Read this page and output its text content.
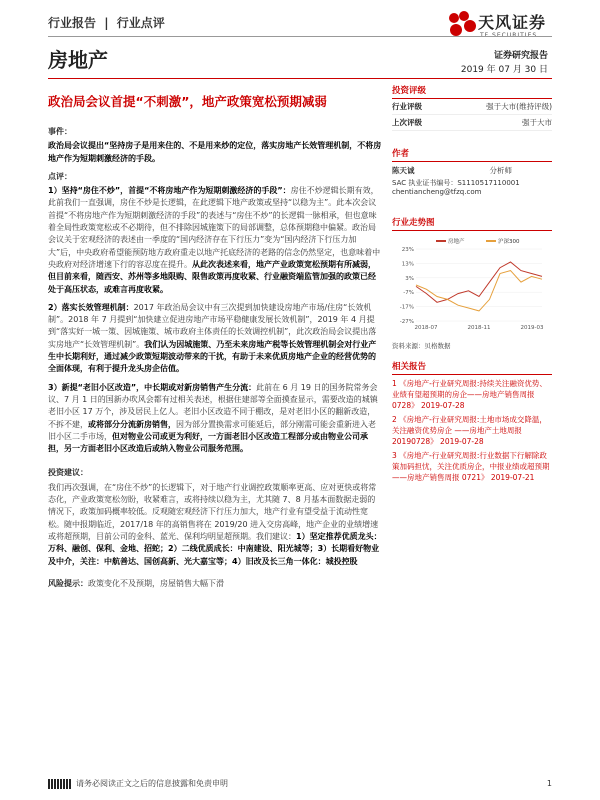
行业报告 | 行业点评	天风证券
TF SECURITIES
房地产	证券研究报告
2019 年 07 月 30 日
政治局会议首提“不刺激”，地产政策宽松预期减弱

事件：

政治局会议提出“坚持房子是用来住的、不是用来炒的定位，落实房地产长效管理机制，不将房地产作为短期刺激经济的手段。

点评：

1）坚持“房住不炒”，首提“不将房地产作为短期刺激经济的手段”：房住不炒逻辑长期有效，此前我们一直强调，房住不炒是长逻辑，在此逻辑下地产政策或坚持“以稳为主”。此本次会议首提“不将房地产作为短期刺激经济的手段”的表述与“房住不炒”的长逻辑一脉相承，但也意味着全局性政策宽松或不必期待，但不排除因城施策下的局部调整，总体预期稳中偏紧。政治局会议关于宏观经济的表述由一季度的“国内经济存在下行压力”变为“国内经济下行压力加大”后，中央政府希望能预防地方政府重走以地产托底经济的老路的信念仍然坚定，也意味着中央政府对经济增速下行的容忍度在提升。从此次表述来看，地产产业政策宽松预期有所减弱，但目前来看，随西安、苏州等多地限购、限售政策再度收紧、行业融资端监管加强的政策已经处于高压状态，或难言再度收紧。

2）落实长效管理机制：2017 年政治局会议中有三次提到加快建设房地产市场/住房“长效机制”。2018 年 7 月提到“加快建立促进房地产市场平稳健康发展长效机制”，2019 年 4 月提到“落实好一城一策、因城施策、城市政府主体责任的长效调控机制”，此次政治局会议提出落实房地产“长效管理机制”。我们认为因城施策、乃至未来房地产税等长效管理机制会对行业产生中长期利好，通过减少政策短期波动带来的干扰，有助于未来优质房地产企业的经营优势的全面体现，有利于提升龙头房企估值。

3）新提“老旧小区改造”，中长期或对新房销售产生分流：此前在 6 月 19 日的国务院常务会议、7 月 1 日的国新办吹风会都有过相关表述，根据住建部等全面摸查显示，需要改造的城镇老旧小区 17 万个，涉及居民上亿人。老旧小区改造不同于棚改，是对老旧小区的翻新改造，不拆不建，或将部分分流新房销售，因为部分置换需求可能延后，部分刚需可能会重新进入老旧小区二手市场，但对物业公司或更为利好，一方面老旧小区改造工程部分或由物业公司承担，另一方面老旧小区改造后或纳入物业公司服务范围。

投资建议：

我们再次强调，在“房住不炒”的长逻辑下，对于地产行业调控政策顺率更高、应对更快或将常态化，产业政策宽松勿盼，收紧难言，或将持续以稳为主，尤其随 7、8 月基本面数据走弱的情况下，政策加码概率较低。反观随宏观经济下行压力加大，地产行业有望受益于流动性宽松。随中报期临近，2017/18 年的高销售将在 2019/20 进入交房高峰，地产企业的业绩增速或将超预期，目前公司的金科、蓝光、保利均明显超预期。我们建议：1）坚定推荐优质龙头：万科、融创、保利、金地、招蛇；2）二线优质成长：中南建设、阳光城等；3）长期看好物业及中介，关注：中航善达、国创高新、光大嘉宝等；4）旧改及长三角一体化：城投控股

风险提示：政策变化不及预期，房屋销售大幅下滑

投资评级
行业评级	强于大市(维持评级)
上次评级	强于大市
作者
陈天诚	分析师
SAC 执业证书编号：S1110517110001
chentiancheng@tfzq.com
行业走势图
23%
13%
3%
-7%
-17%
-27%
2018-07	2018-11	2019-03
房地产	沪深300
资料来源：贝格数据
相关报告

1 《房地产-行业研究周报:持续关注融资优势、业绩有望超预期的房企——房地产销售周报 0728》 2019-07-28

2 《房地产-行业研究周报:土地市场成交降温，关注融资优势房企 ——房地产土地周报 20190728》 2019-07-28

3 《房地产-行业研究周报:行业数据下行解除政策加码担忧，关注优质房企，中报业绩或超预期——房地产销售周报 0721》 2019-07-21

请务必阅读正文之后的信息披露和免责申明	1
